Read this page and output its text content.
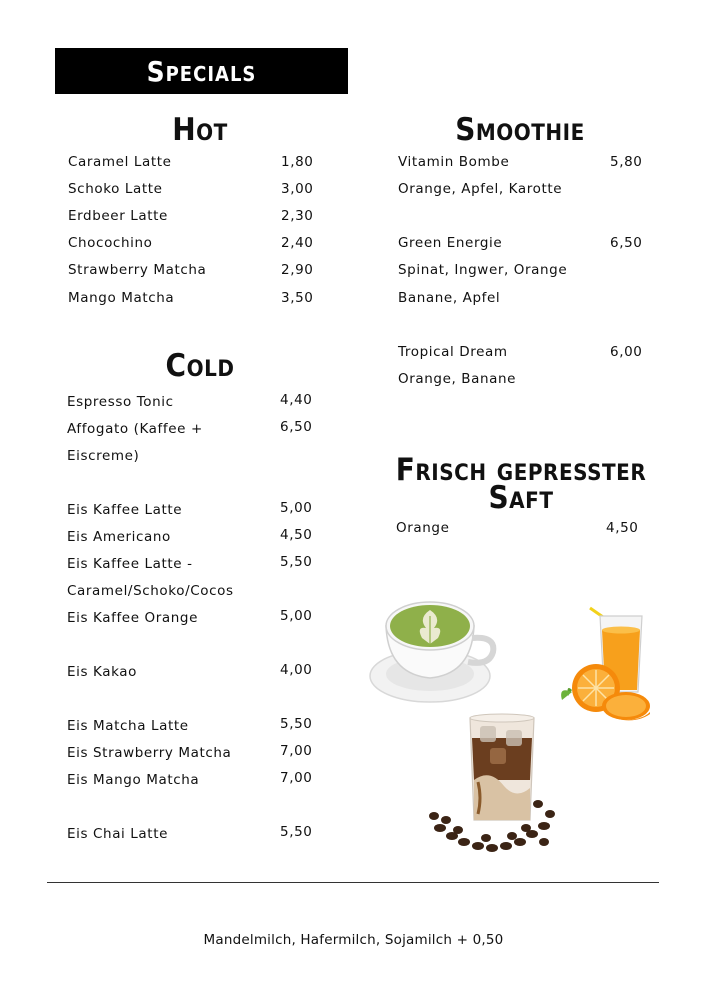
Specials
Hot
Cold
Smoothie
Frisch gepresster
Saft
Caramel Latte	1,80
Schoko Latte	3,00
Erdbeer Latte	2,30
Chocochino	2,40
Strawberry Matcha	2,90
Mango Matcha	3,50
Espresso Tonic	4,40
Affogato (Kaffee +	6,50
Eiscreme)
Eis Kaffee Latte	5,00
Eis Americano	4,50
Eis Kaffee Latte -	5,50
Caramel/Schoko/Cocos
Eis Kaffee Orange	5,00
Eis Kakao	4,00
Eis Matcha Latte	5,50
Eis Strawberry Matcha	7,00
Eis Mango Matcha	7,00
Eis Chai Latte	5,50
Vitamin Bombe	5,80
Orange, Apfel, Karotte
Green Energie	6,50
Spinat, Ingwer, Orange
Banane, Apfel
Tropical Dream	6,00
Orange, Banane
Orange	4,50
Mandelmilch, Hafermilch, Sojamilch + 0,50
